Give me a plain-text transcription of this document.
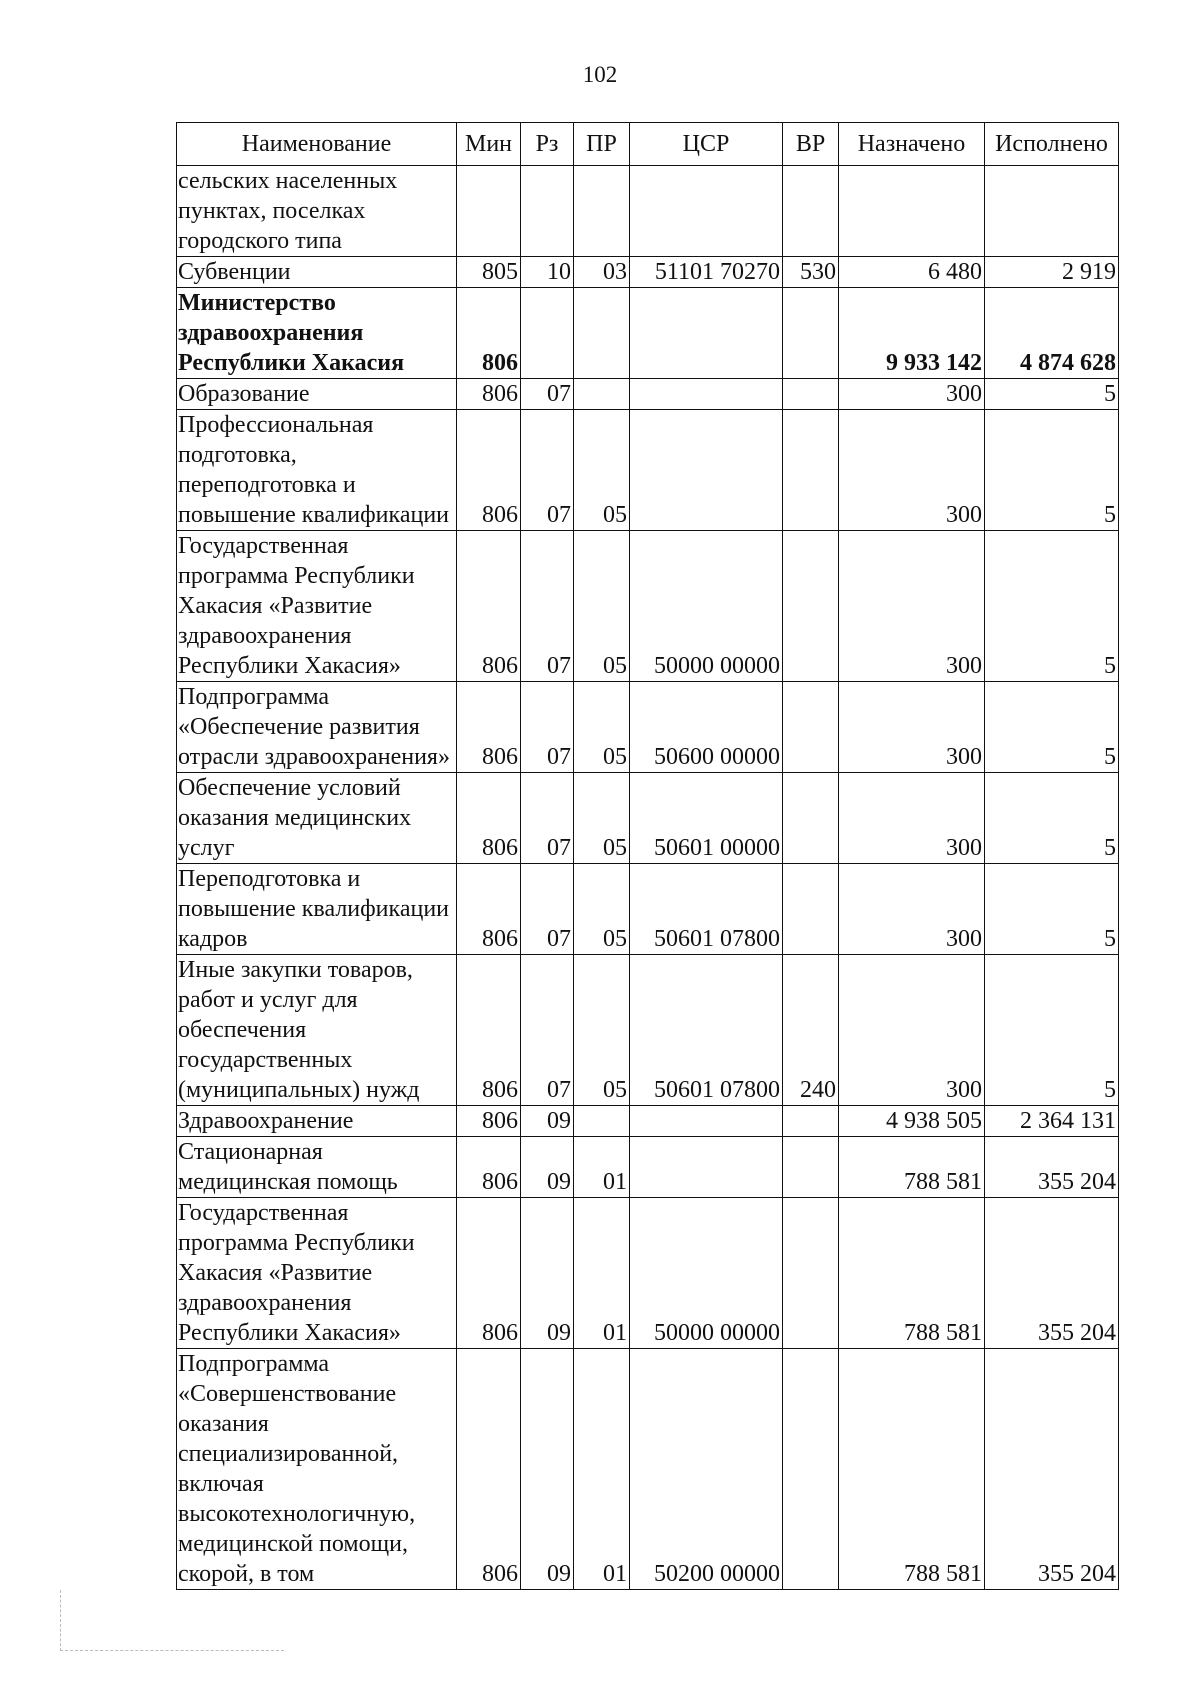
102
Наименование	Мин	Рз	ПР	ЦСР	ВР	Назначено	Исполнено
сельских населенных пунктах, поселках городского типа							
Субвенции	805	10	03	51101 70270	530	6 480	2 919
Министерство здравоохранения Республики Хакасия	806					9 933 142	4 874 628
Образование	806	07				300	5
Профессиональная подготовка, переподготовка и повышение квалификации	806	07	05			300	5
Государственная программа Республики Хакасия «Развитие здравоохранения Республики Хакасия»	806	07	05	50000 00000		300	5
Подпрограмма «Обеспечение развития отрасли здравоохранения»	806	07	05	50600 00000		300	5
Обеспечение условий оказания медицинских услуг	806	07	05	50601 00000		300	5
Переподготовка и повышение квалификации кадров	806	07	05	50601 07800		300	5
Иные закупки товаров, работ и услуг для обеспечения государственных (муниципальных) нужд	806	07	05	50601 07800	240	300	5
Здравоохранение	806	09				4 938 505	2 364 131
Стационарная медицинская помощь	806	09	01			788 581	355 204
Государственная программа Республики Хакасия «Развитие здравоохранения Республики Хакасия»	806	09	01	50000 00000		788 581	355 204
Подпрограмма «Совершенствование оказания специализированной, включая высокотехнологичную, медицинской помощи, скорой, в том	806	09	01	50200 00000		788 581	355 204
